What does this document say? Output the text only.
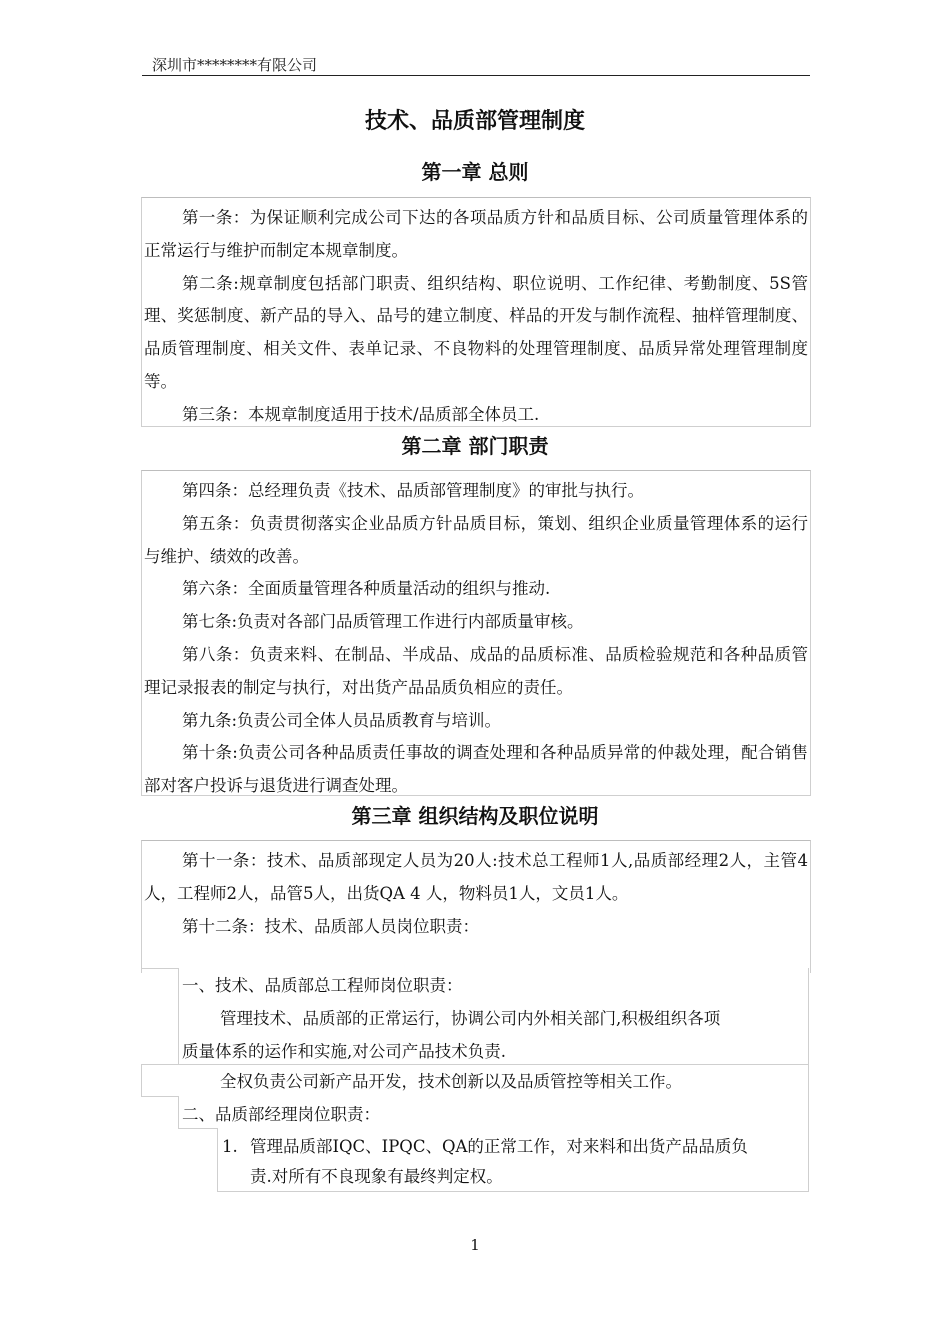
深圳市********有限公司
技术、品质部管理制度
第一章 总则

第一条：为保证顺利完成公司下达的各项品质方针和品质目标、公司质量管理体系的正常运行与维护而制定本规章制度。

第二条:规章制度包括部门职责、组织结构、职位说明、工作纪律、考勤制度、5S管理、奖惩制度、新产品的导入、品号的建立制度、样品的开发与制作流程、抽样管理制度、品质管理制度、相关文件、表单记录、不良物料的处理管理制度、品质异常处理管理制度等。

第三条：本规章制度适用于技术/品质部全体员工.

第二章 部门职责

第四条：总经理负责《技术、品质部管理制度》的审批与执行。

第五条：负责贯彻落实企业品质方针品质目标，策划、组织企业质量管理体系的运行与维护、绩效的改善。

第六条：全面质量管理各种质量活动的组织与推动.

第七条:负责对各部门品质管理工作进行内部质量审核。

第八条：负责来料、在制品、半成品、成品的品质标准、品质检验规范和各种品质管理记录报表的制定与执行，对出货产品品质负相应的责任。

第九条:负责公司全体人员品质教育与培训。

第十条:负责公司各种品质责任事故的调查处理和各种品质异常的仲裁处理，配合销售部对客户投诉与退货进行调查处理。

第三章 组织结构及职位说明

第十一条：技术、品质部现定人员为20人:技术总工程师1人,品质部经理2人，主管4人，工程师2人，品管5人，出货QA 4 人，物料员1人，文员1人。

第十二条：技术、品质部人员岗位职责：

一、技术、品质部总工程师岗位职责：
管理技术、品质部的正常运行，协调公司内外相关部门,积极组织各项
质量体系的运作和实施,对公司产品技术负责.
全权负责公司新产品开发，技术创新以及品质管控等相关工作。
二、品质部经理岗位职责：
1. 管理品质部IQC、IPQC、QA的正常工作，对来料和出货产品品质负
责.对所有不良现象有最终判定权。
1
